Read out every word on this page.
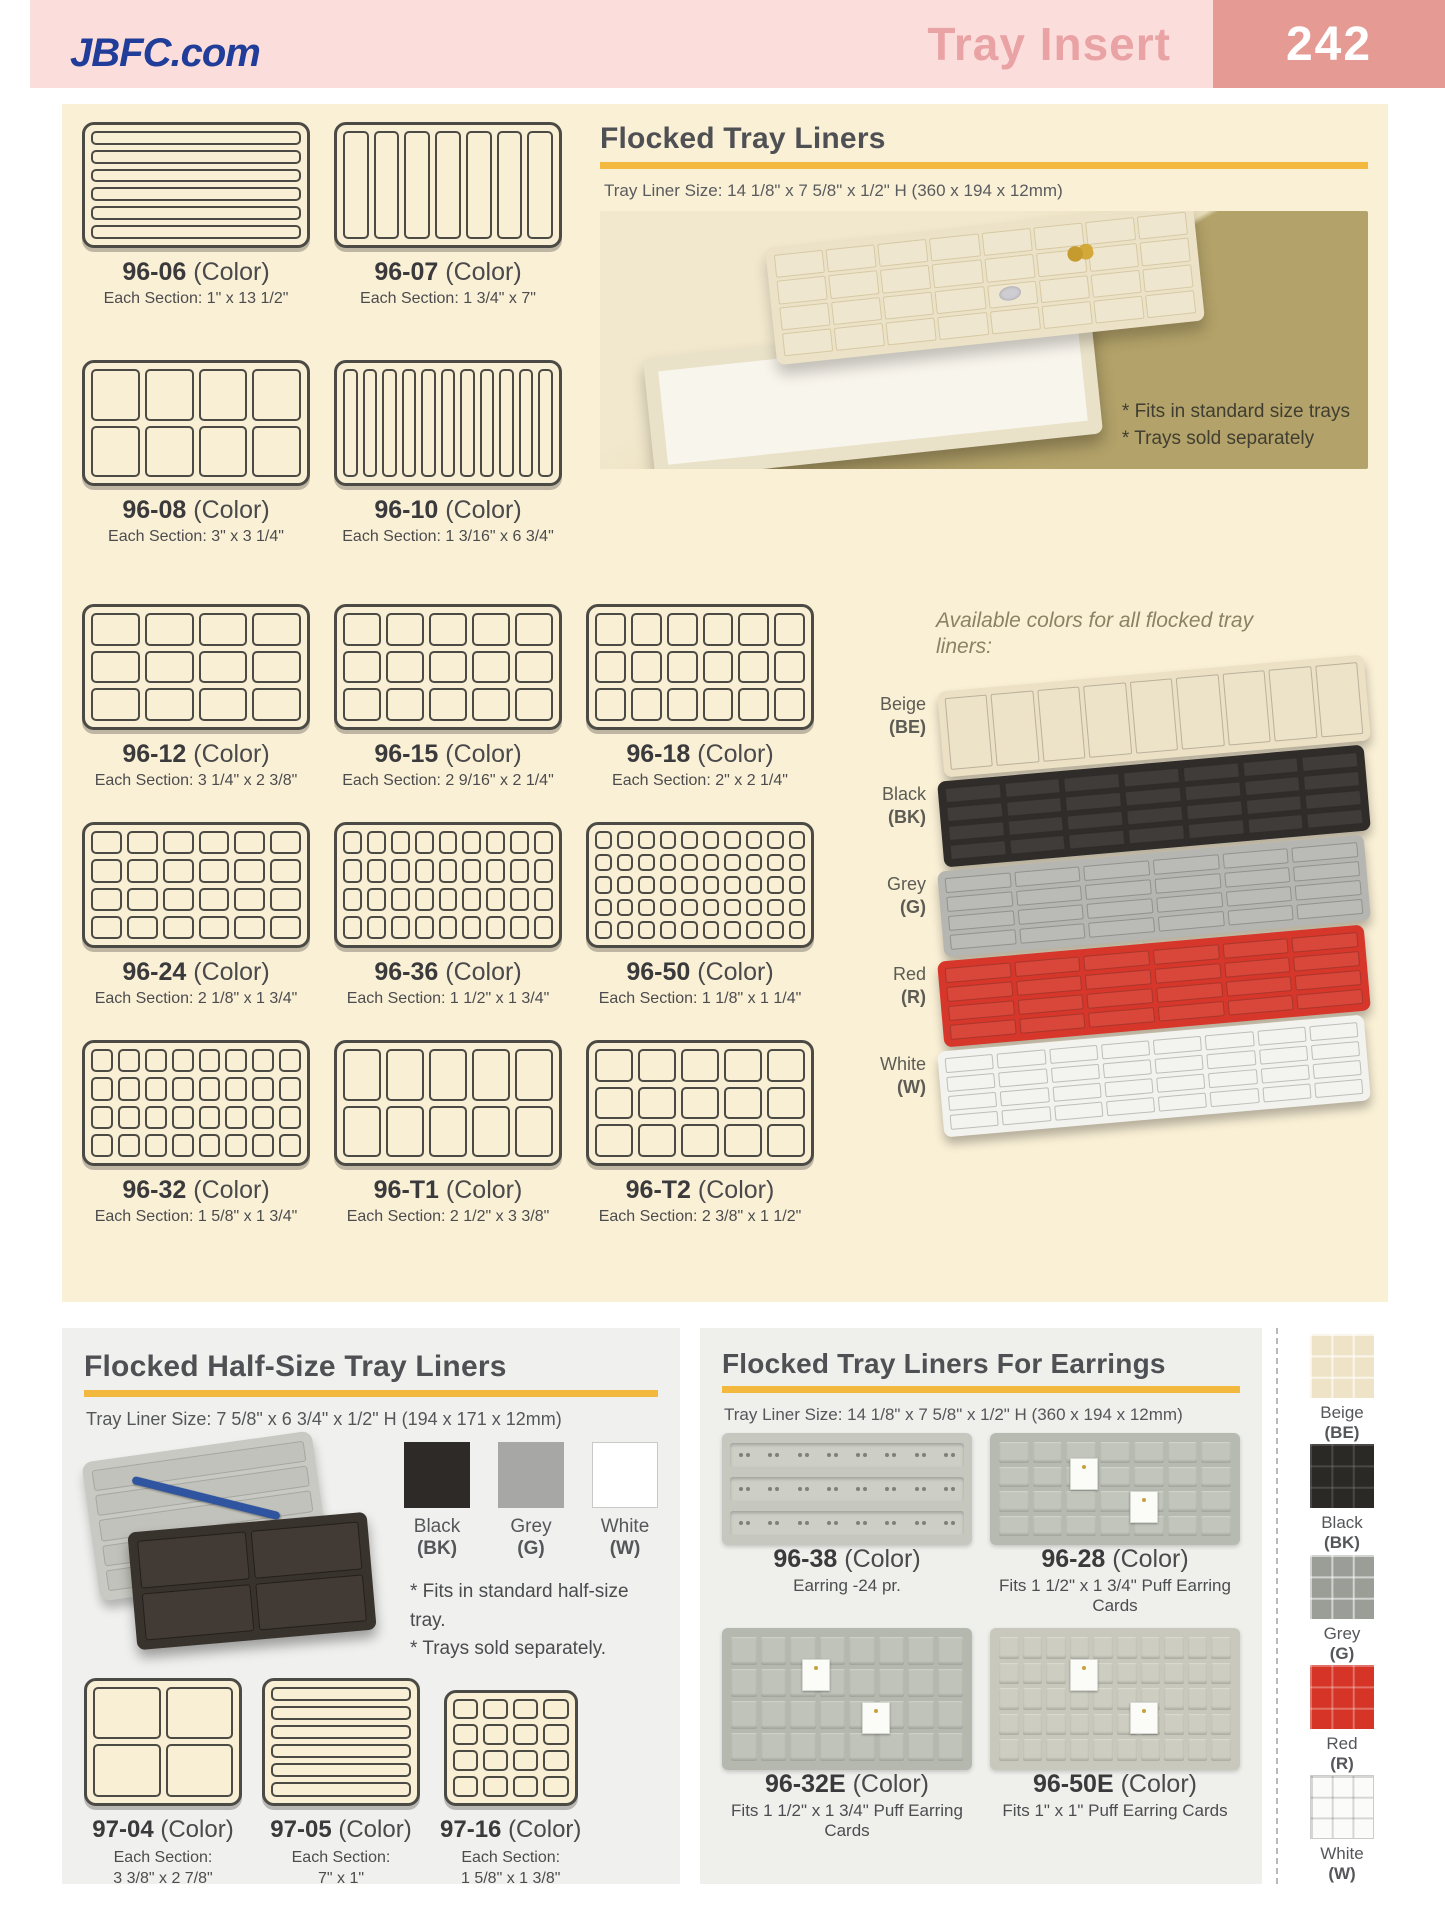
JBFC.com	Tray Insert	242
96-06 (Color)
Each Section: 1" x 13 1/2"
96-07 (Color)
Each Section: 1 3/4" x 7"
96-08 (Color)
Each Section: 3" x 3 1/4"
96-10 (Color)
Each Section: 1 3/16" x 6 3/4"
96-12 (Color)
Each Section: 3 1/4" x 2 3/8"
96-15 (Color)
Each Section: 2 9/16" x 2 1/4"
96-18 (Color)
Each Section: 2" x 2 1/4"
96-24 (Color)
Each Section: 2 1/8" x 1 3/4"
96-36 (Color)
Each Section: 1 1/2" x 1 3/4"
96-50 (Color)
Each Section: 1 1/8" x 1 1/4"
96-32 (Color)
Each Section: 1 5/8" x 1 3/4"
96-T1 (Color)
Each Section: 2 1/2" x 3 3/8"
96-T2 (Color)
Each Section: 2 3/8" x 1 1/2"
Flocked Tray Liners
Tray Liner Size: 14 1/8" x 7 5/8" x 1/2" H (360 x 194 x 12mm)
* Fits in standard size trays
* Trays sold separately
Available colors for all flocked tray liners:
Beige
(BE)
Black
(BK)
Grey
(G)
Red
(R)
White
(W)
Flocked Half-Size Tray Liners
Tray Liner Size: 7 5/8" x 6 3/4" x 1/2" H (194 x 171 x 12mm)
Black
(BK)
Grey
(G)
White
(W)
* Fits in standard half-size tray.
* Trays sold separately.
97-04 (Color)
Each Section:
3 3/8" x 2 7/8"
97-05 (Color)
Each Section:
7" x 1"
97-16 (Color)
Each Section:
1 5/8" x 1 3/8"
Flocked Tray Liners For Earrings
Tray Liner Size: 14 1/8" x 7 5/8" x 1/2" H (360 x 194 x 12mm)
96-38 (Color)
Earring -24 pr.
96-28 (Color)
Fits 1 1/2" x 1 3/4" Puff Earring Cards
96-32E (Color)
Fits 1 1/2" x 1 3/4" Puff Earring Cards
96-50E (Color)
Fits 1" x 1" Puff Earring Cards
Beige
(BE)
Black
(BK)
Grey
(G)
Red
(R)
White
(W)
